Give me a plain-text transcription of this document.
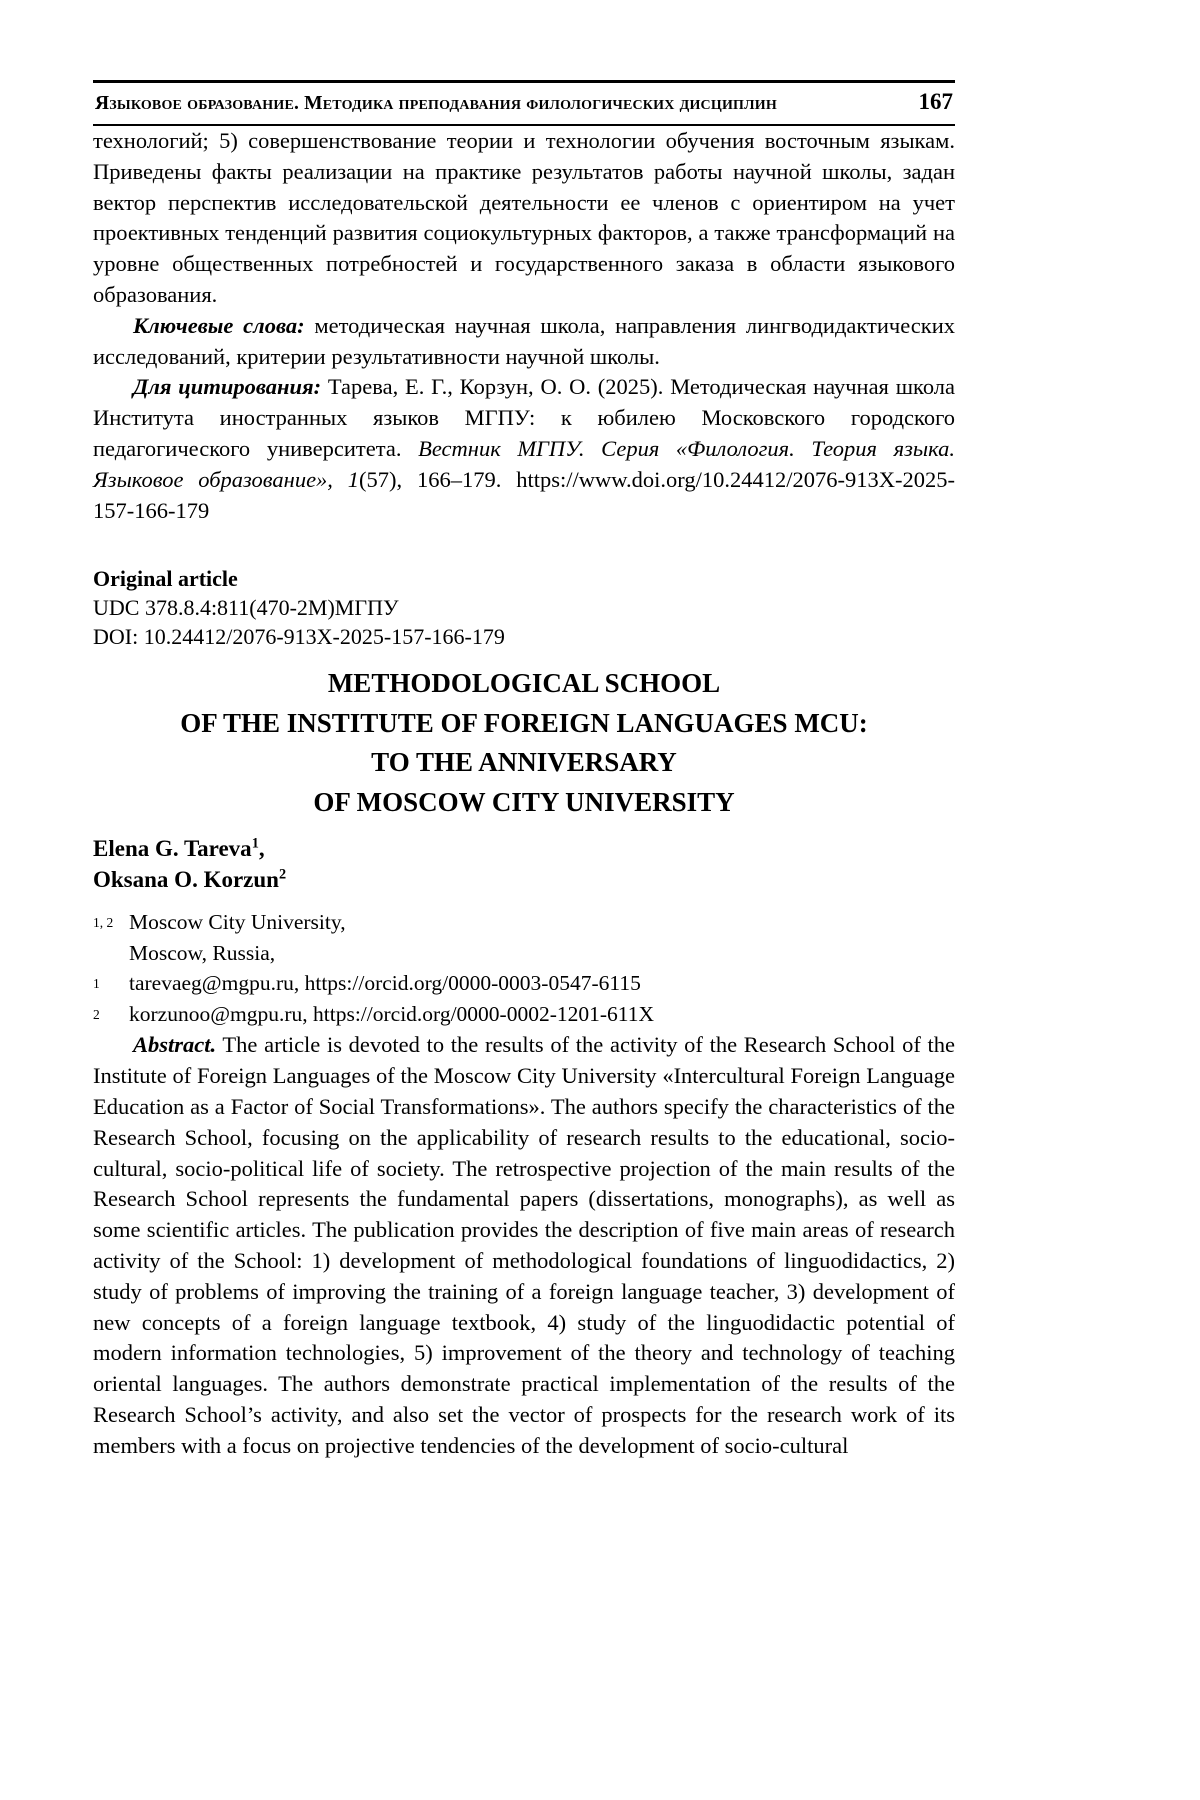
Языковое образование. Методика преподавания филологических дисциплин	167

технологий; 5) совершенствование теории и технологии обучения восточным языкам. Приведены факты реализации на практике результатов работы научной школы, задан вектор перспектив исследовательской деятельности ее членов с ориентиром на учет проективных тенденций развития социокультурных факторов, а также трансформаций на уровне общественных потребностей и государственного заказа в области языкового образования.

Ключевые слова: методическая научная школа, направления лингводидактических исследований, критерии результативности научной школы.

Для цитирования: Тарева, Е. Г., Корзун, О. О. (2025). Методическая научная школа Института иностранных языков МГПУ: к юбилею Московского городского педагогического университета. Вестник МГПУ. Серия «Филология. Теория языка. Языковое образование», 1(57), 166–179. https://www.doi.org/10.24412/2076-913X-2025-157-166-179

Original article

UDC 378.8.4:811(470-2М)МГПУ

DOI: 10.24412/2076-913X-2025-157-166-179

METHODOLOGICAL SCHOOL
OF THE INSTITUTE OF FOREIGN LANGUAGES MCU:
TO THE ANNIVERSARY
OF MOSCOW CITY UNIVERSITY
Elena G. Tareva$^1$,
Oksana O. Korzun$^2$
1, 2 Moscow City University,
Moscow, Russia,
1	tarevaeg@mgpu.ru, https://orcid.org/0000-0003-0547-6115
2	korzunoo@mgpu.ru, https://orcid.org/0000-0002-1201-611X

Abstract. The article is devoted to the results of the activity of the Research School of the Institute of Foreign Languages of the Moscow City University «Intercultural Foreign Language Education as a Factor of Social Transformations». The authors specify the characteristics of the Research School, focusing on the applicability of research results to the educational, socio-cultural, socio-political life of society. The retrospective projection of the main results of the Research School represents the fundamental papers (dissertations, monographs), as well as some scientific articles. The publication provides the description of five main areas of research activity of the School: 1) development of methodological foundations of linguodidactics, 2) study of problems of improving the training of a foreign language teacher, 3) development of new concepts of a foreign language textbook, 4) study of the linguodidactic potential of modern information technologies, 5) improvement of the theory and technology of teaching oriental languages. The authors demonstrate practical implementation of the results of the Research School’s activity, and also set the vector of prospects for the research work of its members with a focus on projective tendencies of the development of socio-cultural
